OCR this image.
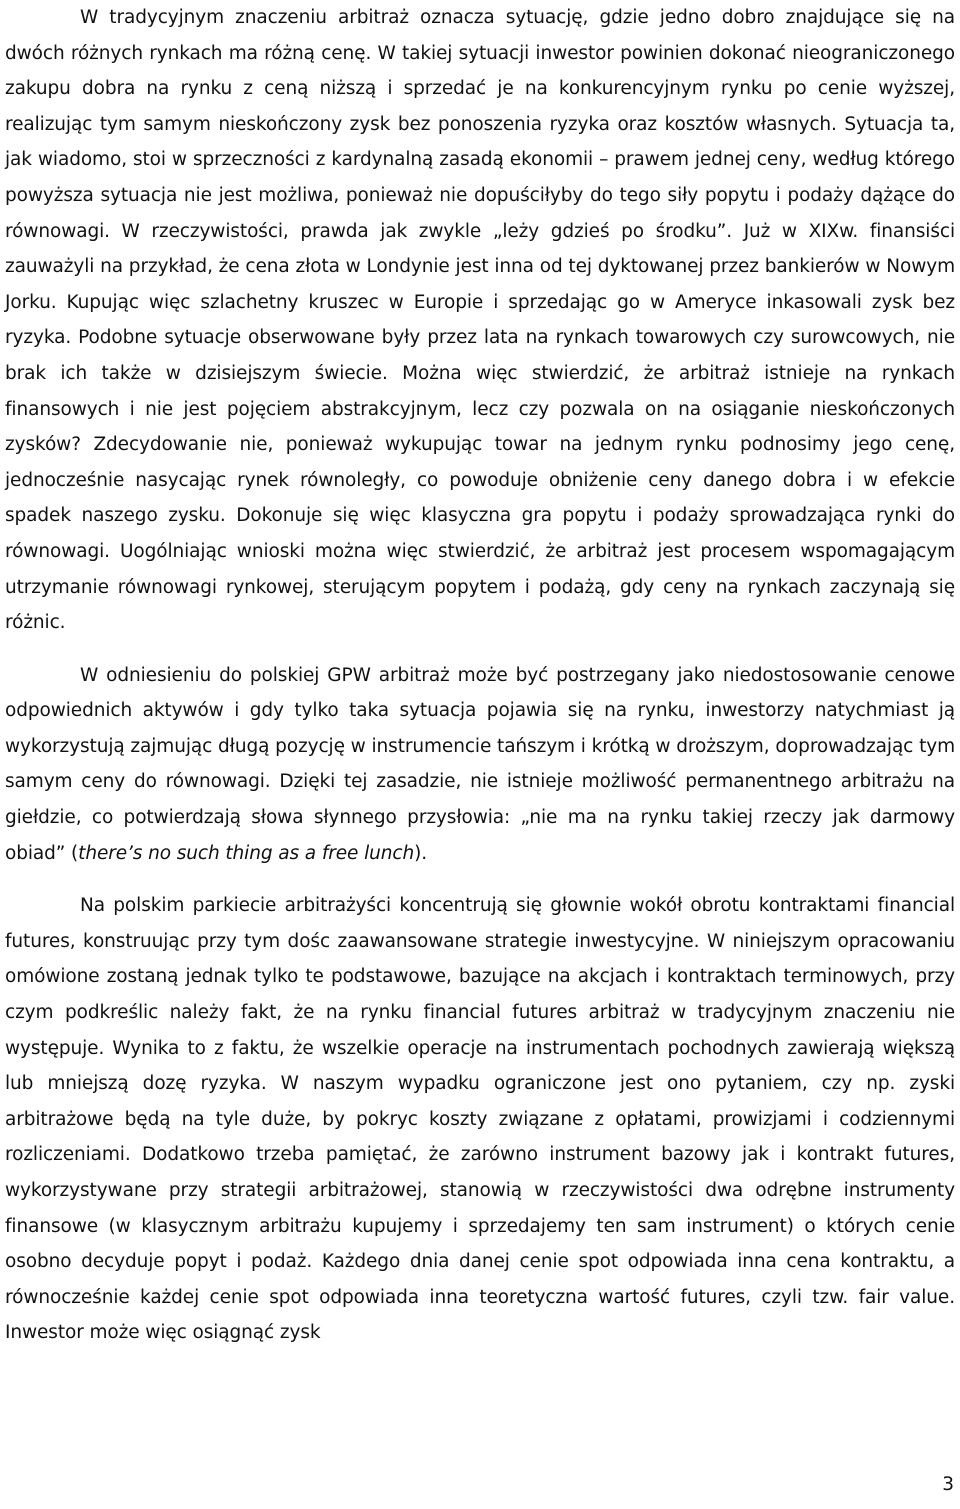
W tradycyjnym znaczeniu arbitraż oznacza sytuację, gdzie jedno dobro znajdujące się na dwóch różnych rynkach ma różną cenę. W takiej sytuacji inwestor powinien dokonać nieograniczonego zakupu dobra na rynku z ceną niższą i sprzedać je na konkurencyjnym rynku po cenie wyższej, realizując tym samym nieskończony zysk bez ponoszenia ryzyka oraz kosztów własnych. Sytuacja ta, jak wiadomo, stoi w sprzeczności z kardynalną zasadą ekonomii – prawem jednej ceny, według którego powyższa sytuacja nie jest możliwa, ponieważ nie dopuściłyby do tego siły popytu i podaży dążące do równowagi. W rzeczywistości, prawda jak zwykle „leży gdzieś po środku”. Już w XIXw. finansiści zauważyli na przykład, że cena złota w Londynie jest inna od tej dyktowanej przez bankierów w Nowym Jorku. Kupując więc szlachetny kruszec w Europie i sprzedając go w Ameryce inkasowali zysk bez ryzyka. Podobne sytuacje obserwowane były przez lata na rynkach towarowych czy surowcowych, nie brak ich także w dzisiejszym świecie. Można więc stwierdzić, że arbitraż istnieje na rynkach finansowych i nie jest pojęciem abstrakcyjnym, lecz czy pozwala on na osiąganie nieskończonych zysków? Zdecydowanie nie, ponieważ wykupując towar na jednym rynku podnosimy jego cenę, jednocześnie nasycając rynek równoległy, co powoduje obniżenie ceny danego dobra i w efekcie spadek naszego zysku. Dokonuje się więc klasyczna gra popytu i podaży sprowadzająca rynki do równowagi. Uogólniając wnioski można więc stwierdzić, że arbitraż jest procesem wspomagającym utrzymanie równowagi rynkowej, sterującym popytem i podażą, gdy ceny na rynkach zaczynają się różnic.

W odniesieniu do polskiej GPW arbitraż może być postrzegany jako niedostosowanie cenowe odpowiednich aktywów i gdy tylko taka sytuacja pojawia się na rynku, inwestorzy natychmiast ją wykorzystują zajmując długą pozycję w instrumencie tańszym i krótką w droższym, doprowadzając tym samym ceny do równowagi. Dzięki tej zasadzie, nie istnieje możliwość permanentnego arbitrażu na giełdzie, co potwierdzają słowa słynnego przysłowia: „nie ma na rynku takiej rzeczy jak darmowy obiad” (there’s no such thing as a free lunch).

Na polskim parkiecie arbitrażyści koncentrują się głownie wokół obrotu kontraktami financial futures, konstruując przy tym dośc zaawansowane strategie inwestycyjne. W niniejszym opracowaniu omówione zostaną jednak tylko te podstawowe, bazujące na akcjach i kontraktach terminowych, przy czym podkreślic należy fakt, że na rynku financial futures arbitraż w tradycyjnym znaczeniu nie występuje. Wynika to z faktu, że wszelkie operacje na instrumentach pochodnych zawierają większą lub mniejszą dozę ryzyka. W naszym wypadku ograniczone jest ono pytaniem, czy np. zyski arbitrażowe będą na tyle duże, by pokryc koszty związane z opłatami, prowizjami i codziennymi rozliczeniami. Dodatkowo trzeba pamiętać, że zarówno instrument bazowy jak i kontrakt futures, wykorzystywane przy strategii arbitrażowej, stanowią w rzeczywistości dwa odrębne instrumenty finansowe (w klasycznym arbitrażu kupujemy i sprzedajemy ten sam instrument) o których cenie osobno decyduje popyt i podaż. Każdego dnia danej cenie spot odpowiada inna cena kontraktu, a równocześnie każdej cenie spot odpowiada inna teoretyczna wartość futures, czyli tzw. fair value. Inwestor może więc osiągnąć zysk

3
